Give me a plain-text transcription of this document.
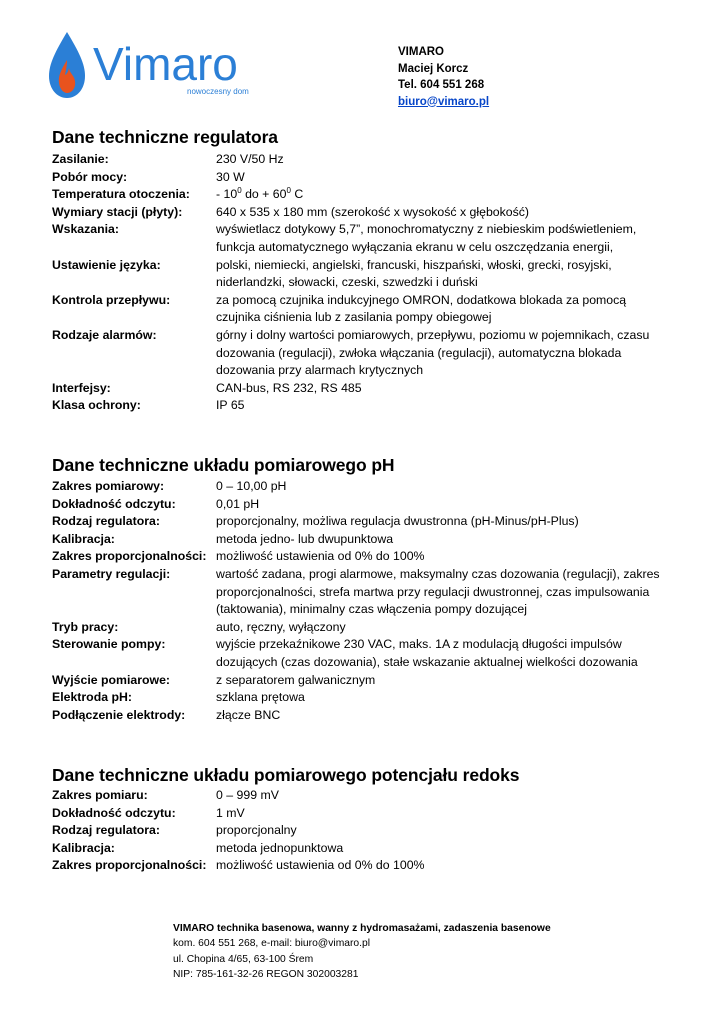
Vimaro
nowoczesny dom
VIMARO
Maciej Korcz
Tel. 604 551 268
biuro@vimaro.pl
Dane techniczne regulatora
Zasilanie:	230 V/50 Hz
Pobór mocy:	30 W
Temperatura otoczenia:	- $10^0$ do + $60^0$ C
Wymiary stacji (płyty):	640 x 535 x 180 mm (szerokość x wysokość x głębokość)
Wskazania:	wyświetlacz dotykowy 5,7”, monochromatyczny z niebieskim podświetleniem, funkcja automatycznego wyłączania ekranu w celu oszczędzania energii,
Ustawienie języka:	polski, niemiecki, angielski, francuski, hiszpański, włoski, grecki, rosyjski, niderlandzki, słowacki, czeski, szwedzki i duński
Kontrola przepływu:	za pomocą czujnika indukcyjnego OMRON, dodatkowa blokada za pomocą czujnika ciśnienia lub z zasilania pompy obiegowej
Rodzaje alarmów:	górny i dolny wartości pomiarowych, przepływu, poziomu w pojemnikach, czasu dozowania (regulacji), zwłoka włączania (regulacji), automatyczna blokada dozowania przy alarmach krytycznych
Interfejsy:	CAN-bus, RS 232, RS 485
Klasa ochrony:	IP 65
Dane techniczne układu pomiarowego pH
Zakres pomiarowy:	0 – 10,00 pH
Dokładność odczytu:	0,01 pH
Rodzaj regulatora:	proporcjonalny, możliwa regulacja dwustronna (pH-Minus/pH-Plus)
Kalibracja:	metoda jedno- lub dwupunktowa
Zakres proporcjonalności: możliwość ustawienia od 0% do 100%
Parametry regulacji:	wartość zadana, progi alarmowe, maksymalny czas dozowania (regulacji), zakres proporcjonalności, strefa martwa przy regulacji dwustronnej, czas impulsowania (taktowania), minimalny czas włączenia pompy dozującej
Tryb pracy:	auto, ręczny, wyłączony
Sterowanie pompy:	wyjście przekaźnikowe 230 VAC, maks. 1A z modulacją długości impulsów dozujących (czas dozowania), stałe wskazanie aktualnej wielkości dozowania
Wyjście pomiarowe:	z separatorem galwanicznym
Elektroda pH:	szklana prętowa
Podłączenie elektrody:	złącze BNC
Dane techniczne układu pomiarowego potencjału redoks
Zakres pomiaru:	0 – 999 mV
Dokładność odczytu:	1 mV
Rodzaj regulatora:	proporcjonalny
Kalibracja:	metoda jednopunktowa
Zakres proporcjonalności: możliwość ustawienia od 0% do 100%
VIMARO technika basenowa, wanny z hydromasażami, zadaszenia basenowe
kom. 604 551 268, e-mail: biuro@vimaro.pl
ul. Chopina 4/65, 63-100 Śrem
NIP: 785-161-32-26 REGON 302003281
